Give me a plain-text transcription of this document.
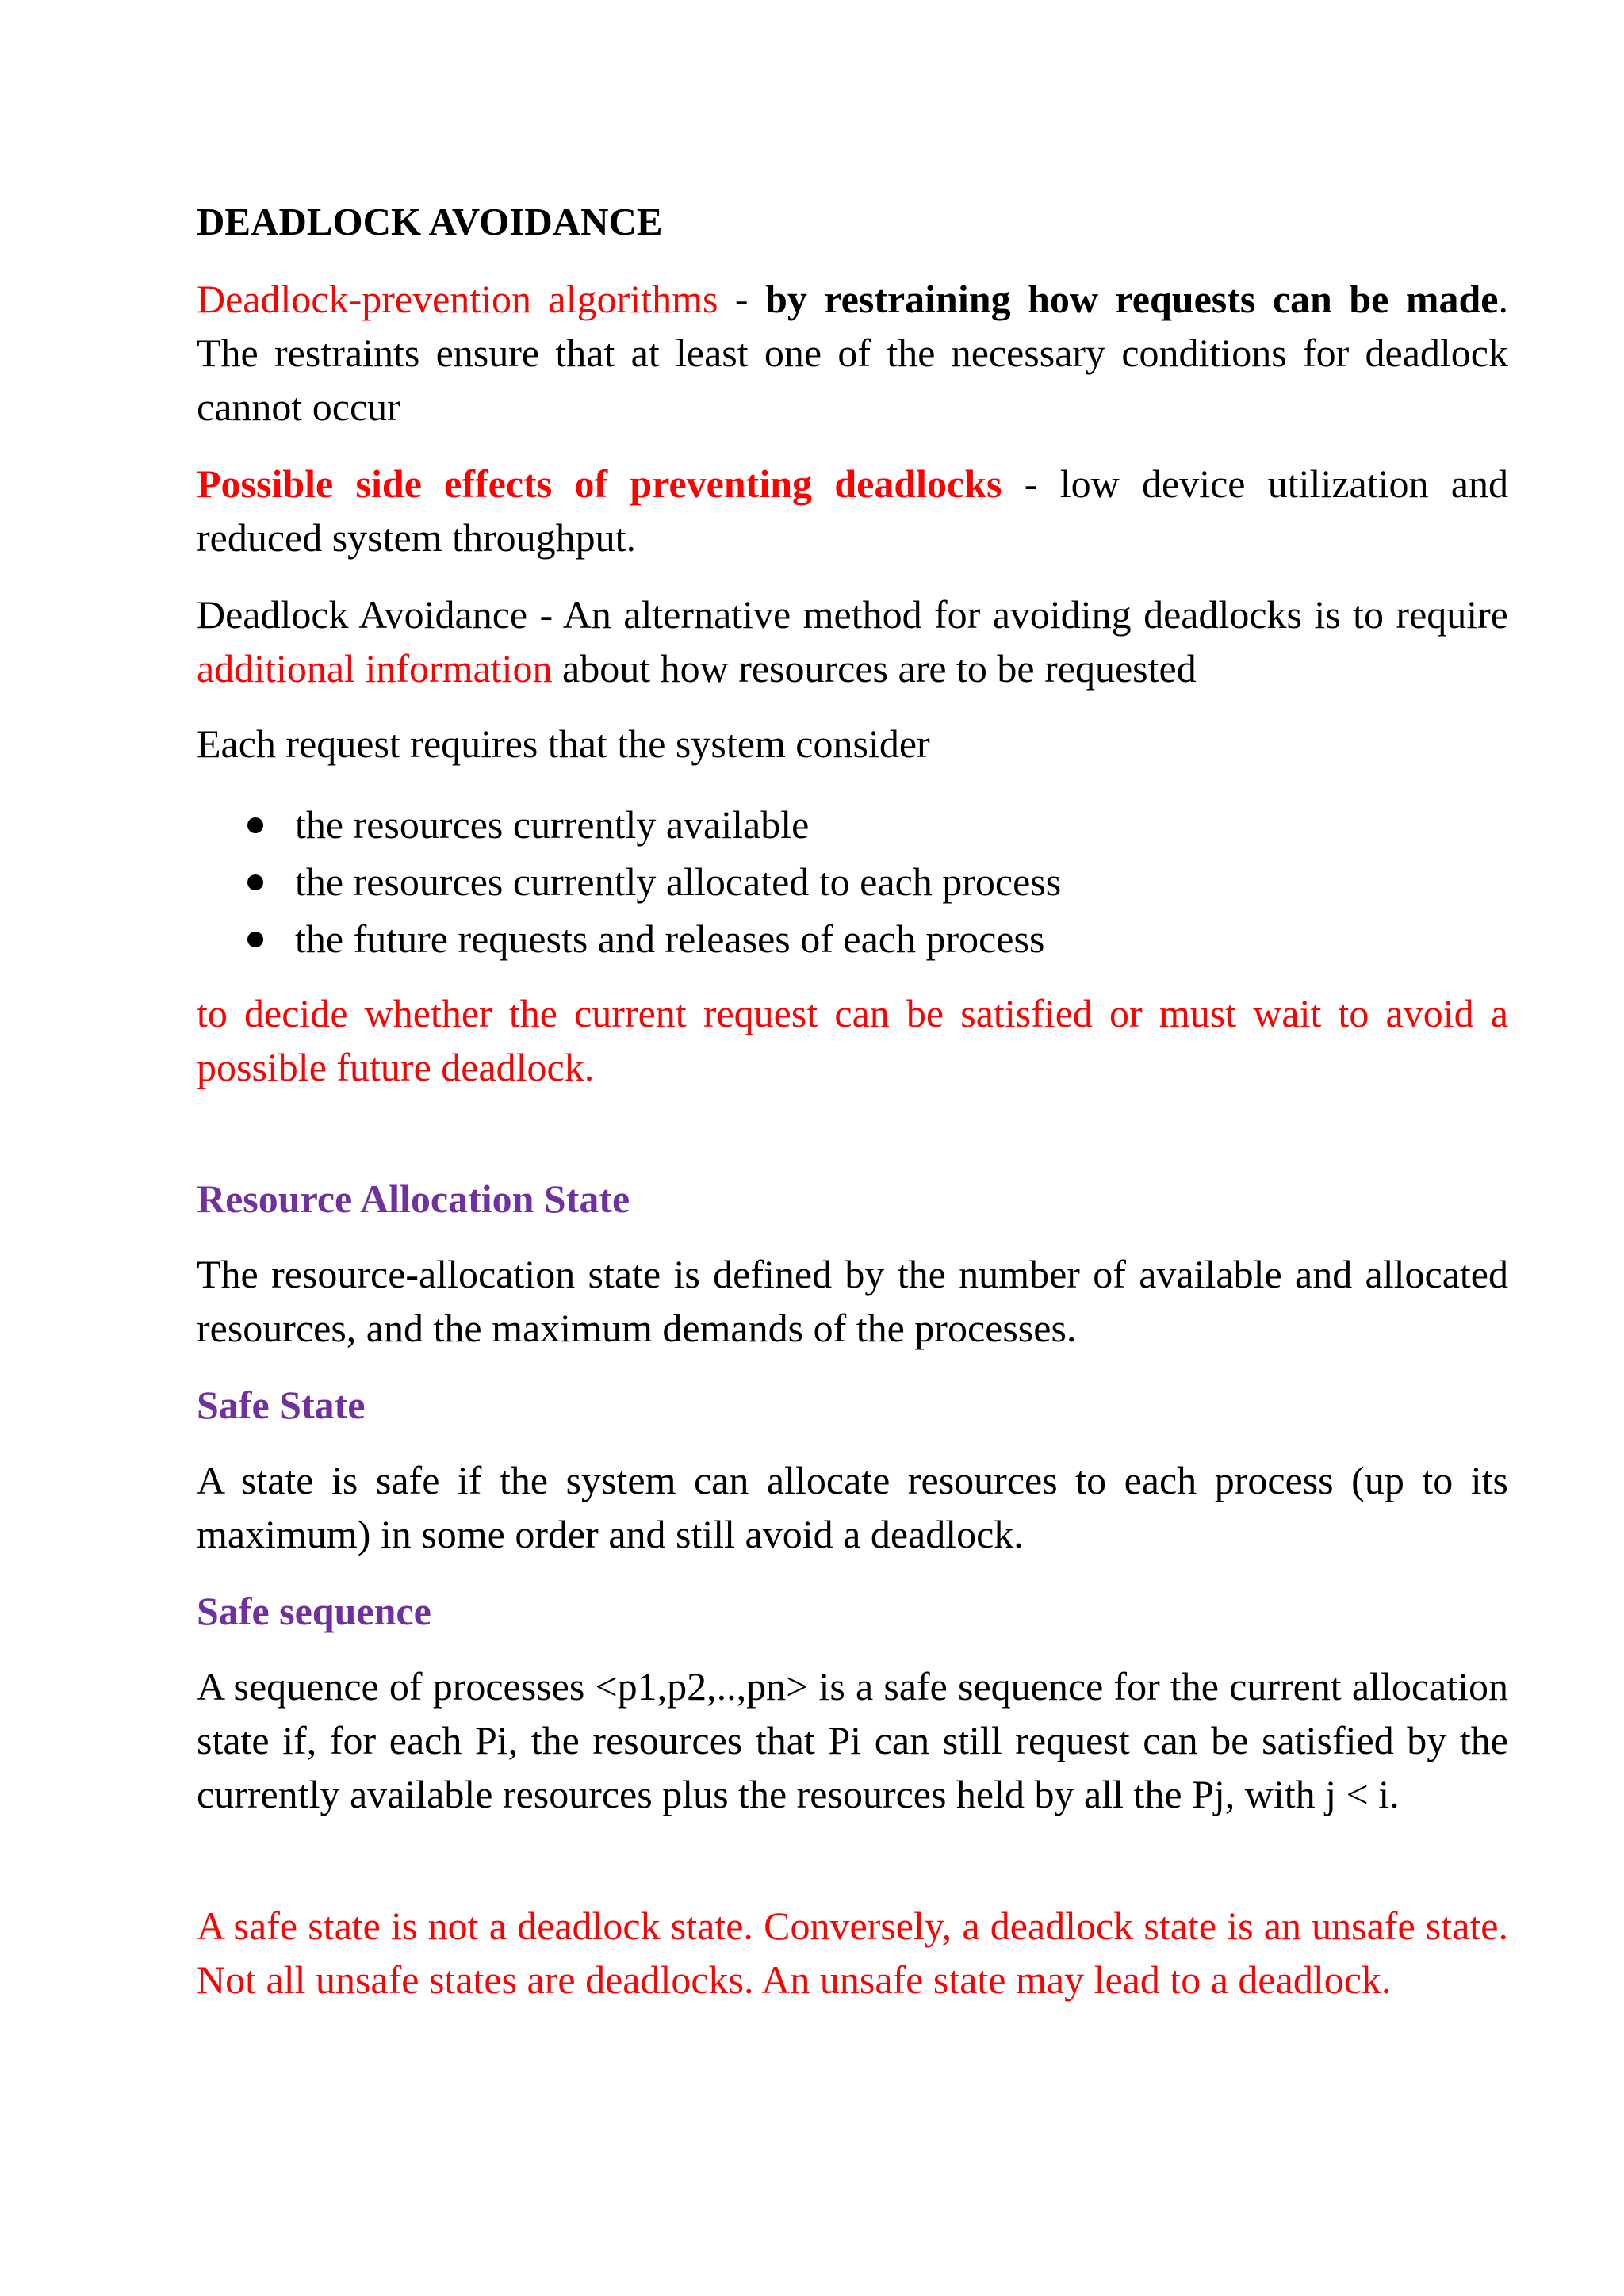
DEADLOCK AVOIDANCE

Deadlock-prevention algorithms - by restraining how requests can be made. The restraints ensure that at least one of the necessary conditions for deadlock cannot occur

Possible side effects of preventing deadlocks - low device utilization and reduced system throughput.

Deadlock Avoidance - An alternative method for avoiding deadlocks is to require additional information about how resources are to be requested

Each request requires that the system consider

the resources currently available
the resources currently allocated to each process
the future requests and releases of each process

to decide whether the current request can be satisfied or must wait to avoid a possible future deadlock.

Resource Allocation State

The resource-allocation state is defined by the number of available and allocated resources, and the maximum demands of the processes.

Safe State

A state is safe if the system can allocate resources to each process (up to its maximum) in some order and still avoid a deadlock.

Safe sequence

A sequence of processes <p1,p2,..,pn> is a safe sequence for the current allocation state if, for each Pi, the resources that Pi can still request can be satisfied by the currently available resources plus the resources held by all the Pj, with j < i.

A safe state is not a deadlock state. Conversely, a deadlock state is an unsafe state. Not all unsafe states are deadlocks. An unsafe state may lead to a deadlock.
